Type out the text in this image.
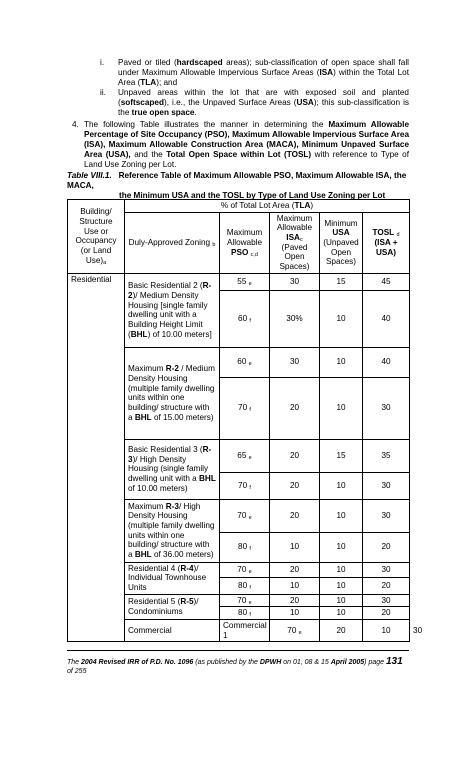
i. Paved or tiled (hardscaped areas); sub-classification of open space shall fall under Maximum Allowable Impervious Surface Areas (ISA) within the Total Lot Area (TLA); and
ii. Unpaved areas within the lot that are with exposed soil and planted (softscaped), i.e., the Unpaved Surface Areas (USA); this sub-classification is the true open space.
4. The following Table illustrates the manner in determining the Maximum Allowable Percentage of Site Occupancy (PSO), Maximum Allowable Impervious Surface Area (ISA), Maximum Allowable Construction Area (MACA), Minimum Unpaved Surface Area (USA), and the Total Open Space within Lot (TOSL) with reference to Type of Land Use Zoning per Lot.
Table VIII.1. Reference Table of Maximum Allowable PSO, Maximum Allowable ISA, the MACA,
the Minimum USA and the TOSL by Type of Land Use Zoning per Lot
Building/ Structure Use or Occupancy (or Land $Use)_a$	% of Total Lot Area (TLA)					
	Duly-Approved Zoning $_b$	Maximum Allowable PSO $_{c,d}$	Maximum Allowable $ISA_c$ (Paved Open Spaces)	Minimum USA (Unpaved Open Spaces)	TOSL $_d$
(ISA + USA)	
Residential	Basic Residential 2 (R-2)/ Medium Density Housing [single family dwelling unit with a Building Height Limit (BHL) of 10.00 meters]	55 $_e$	30	15	45	
		60 $_f$	30%	10	40	
	Maximum R-2 / Medium Density Housing (multiple family dwelling units within one building/ structure with a BHL of 15.00 meters)	60 $_e$	30	10	40	
		70 $_f$	20	10	30	
	Basic Residential 3 (R-3)/ High Density Housing (single family dwelling unit with a BHL of 10.00 meters)	65 $_e$	20	15	35	
		70 $_f$	20	10	30	
	Maximum R-3/ High Density Housing (multiple family dwelling units within one building/ structure with a BHL of 36.00 meters)	70 $_e$	20	10	30	
		80 $_f$	10	10	20	
	Residential 4 (R-4)/ Individual Townhouse Units	70 $_e$	20	10	30	
		80 $_f$	10	10	20	
	Residential 5 (R-5)/ Condominiums	70 $_e$	20	10	30	
		80 $_f$	10	10	20	
	Commercial	Commercial 1	70 $_e$	20	10	30
The 2004 Revised IRR of P.D. No. 1096 (as published by the DPWH on 01, 08 & 15 April 2005) page 131 of 255
